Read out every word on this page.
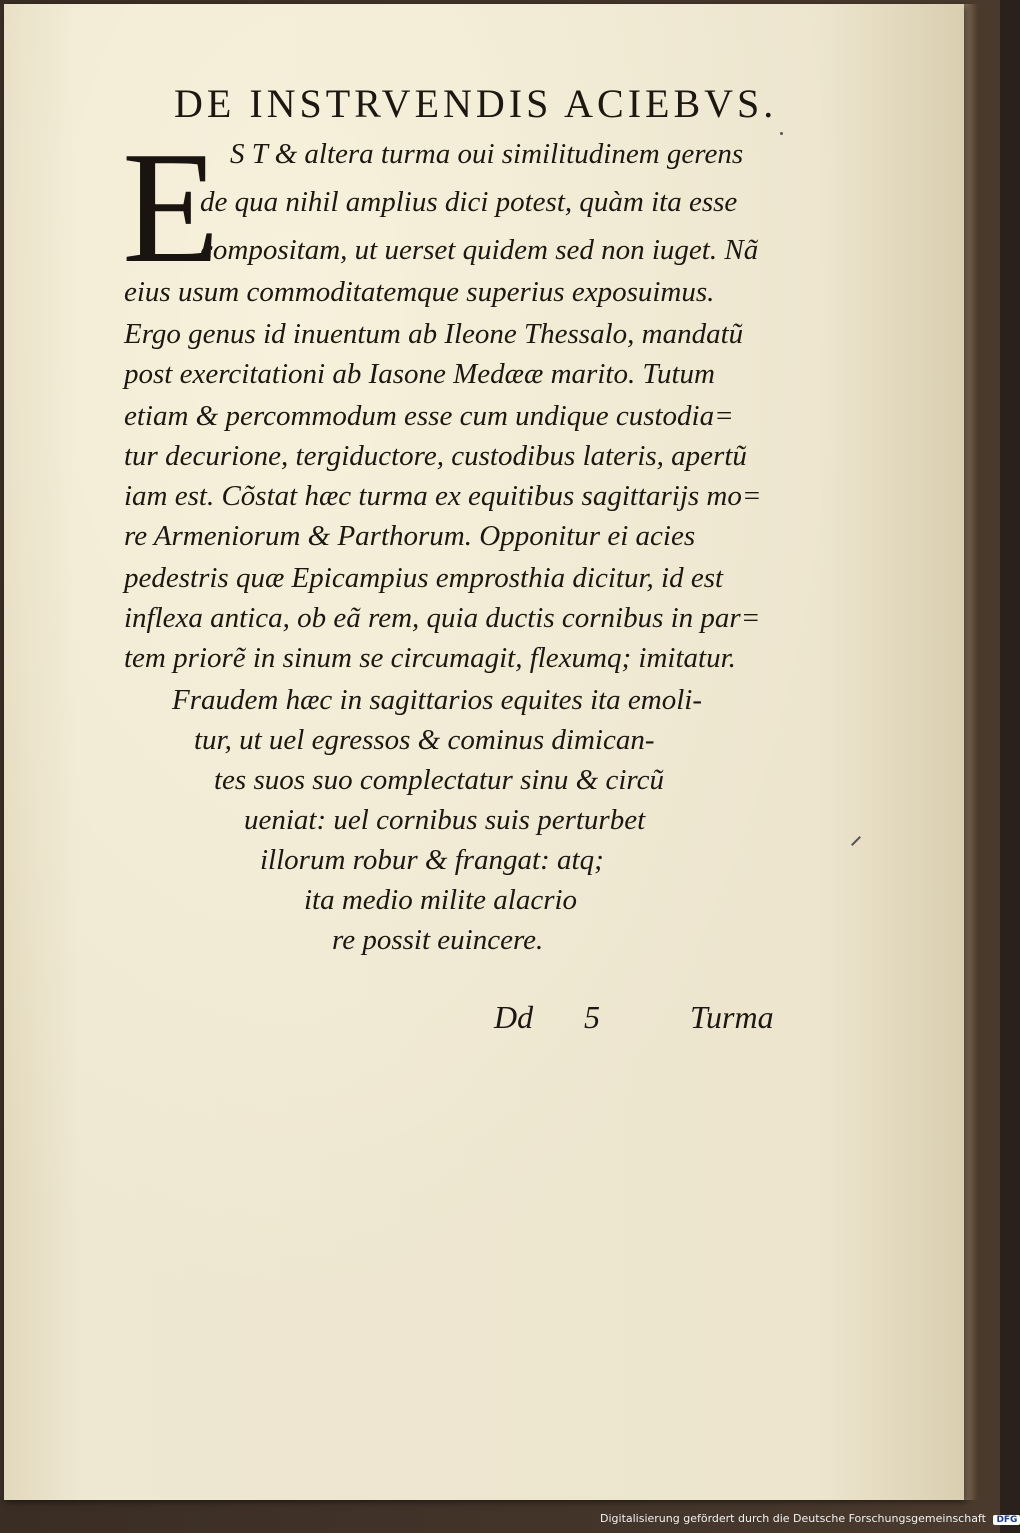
DE INSTRVENDIS ACIEBVS.
E S T & altera turma oui similitudinem gerens
de qua nihil amplius dici potest, quàm ita esse
compositam, ut uerset quidem sed non iuget. Nã
eius usum commoditatemque superius exposuimus.
Ergo genus id inuentum ab Ileone Thessalo, mandatũ
post exercitationi ab Iasone Medææ marito. Tutum
etiam & percommodum esse cum undique custodia=
tur decurione, tergiductore, custodibus lateris, apertũ
iam est. Cõstat hæc turma ex equitibus sagittarijs mo=
re Armeniorum & Parthorum. Opponitur ei acies
pedestris quæ Epicampius emprosthia dicitur, id est
inflexa antica, ob eã rem, quia ductis cornibus in par=
tem priorẽ in sinum se circumagit, flexumq; imitatur.
Fraudem hæc in sagittarios equites ita emoli-
tur, ut uel egressos & cominus dimican-
tes suos suo complectatur sinu & circũ
ueniat: uel cornibus suis perturbet
illorum robur & frangat: atq;
ita medio milite alacrio
re possit euincere.
Dd 5	Turma
Digitalisierung gefördert durch die Deutsche Forschungsgemeinschaft DFG
